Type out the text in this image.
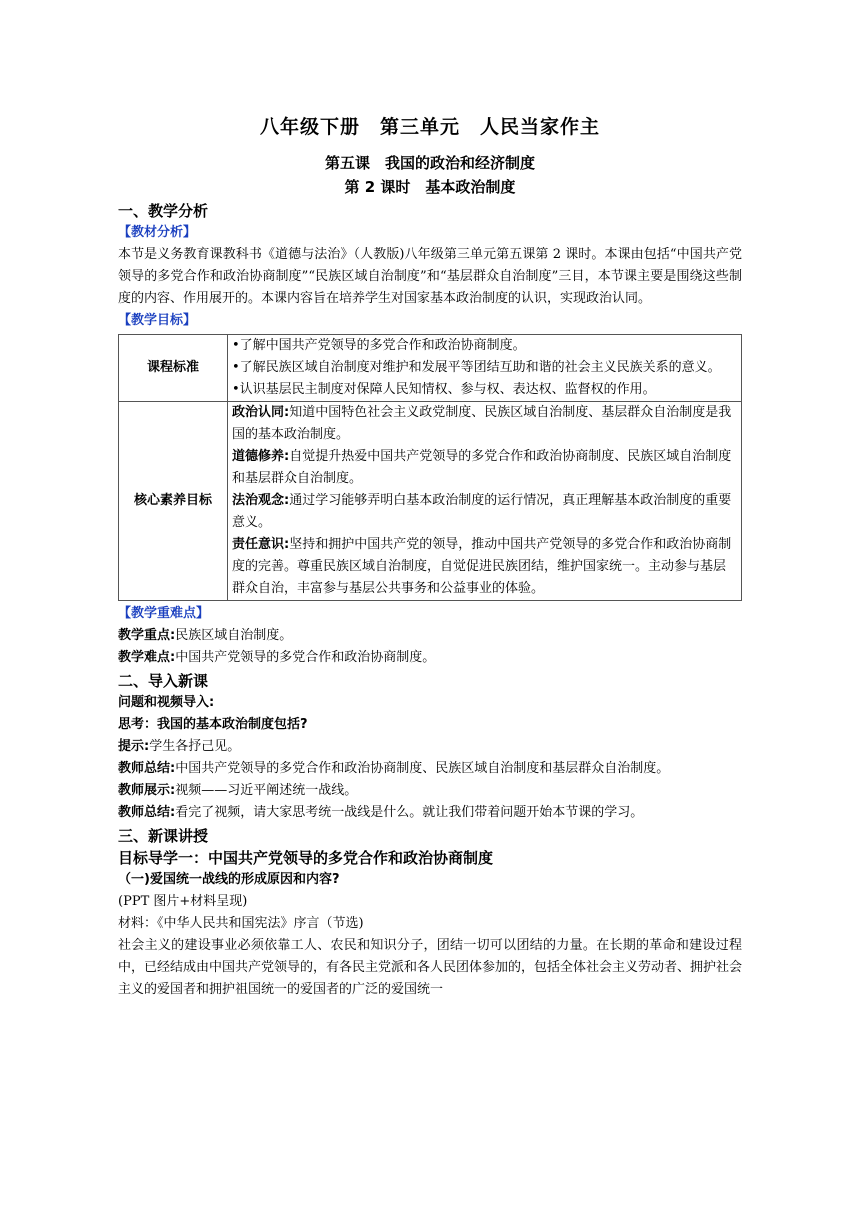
八年级下册　第三单元　人民当家作主
第五课　我国的政治和经济制度
第 2 课时　基本政治制度
一、教学分析
【教材分析】
本节是义务教育课教科书《道德与法治》（人教版)八年级第三单元第五课第 2 课时。本课由包括“中国共产党领导的多党合作和政治协商制度”“民族区域自治制度”和“基层群众自治制度”三目，本节课主要是围绕这些制度的内容、作用展开的。本课内容旨在培养学生对国家基本政治制度的认识，实现政治认同。
【教学目标】
课程标准	•了解中国共产党领导的多党合作和政治协商制度。
•了解民族区域自治制度对维护和发展平等团结互助和谐的社会主义民族关系的意义。
•认识基层民主制度对保障人民知情权、参与权、表达权、监督权的作用。

核心素养目标	政治认同:知道中国特色社会主义政党制度、民族区域自治制度、基层群众自治制度是我国的基本政治制度。
道德修养:自觉提升热爱中国共产党领导的多党合作和政治协商制度、民族区域自治制度和基层群众自治制度。
法治观念:通过学习能够弄明白基本政治制度的运行情况，真正理解基本政治制度的重要意义。
责任意识:坚持和拥护中国共产党的领导，推动中国共产党领导的多党合作和政治协商制度的完善。尊重民族区域自治制度，自觉促进民族团结，维护国家统一。主动参与基层群众自治，丰富参与基层公共事务和公益事业的体验。
【教学重难点】
教学重点:民族区域自治制度。
教学难点:中国共产党领导的多党合作和政治协商制度。
二、导入新课
问题和视频导入:
思考：我国的基本政治制度包括?
提示:学生各抒己见。
教师总结:中国共产党领导的多党合作和政治协商制度、民族区域自治制度和基层群众自治制度。
教师展示:视频——习近平阐述统一战线。
教师总结:看完了视频，请大家思考统一战线是什么。就让我们带着问题开始本节课的学习。
三、新课讲授
目标导学一：中国共产党领导的多党合作和政治协商制度
（一)爱国统一战线的形成原因和内容?
(PPT 图片+材料呈现)
材料：《中华人民共和国宪法》序言（节选)
社会主义的建设事业必须依靠工人、农民和知识分子，团结一切可以团结的力量。在长期的革命和建设过程中，已经结成由中国共产党领导的，有各民主党派和各人民团体参加的，包括全体社会主义劳动者、拥护社会主义的爱国者和拥护祖国统一的爱国者的广泛的爱国统一
